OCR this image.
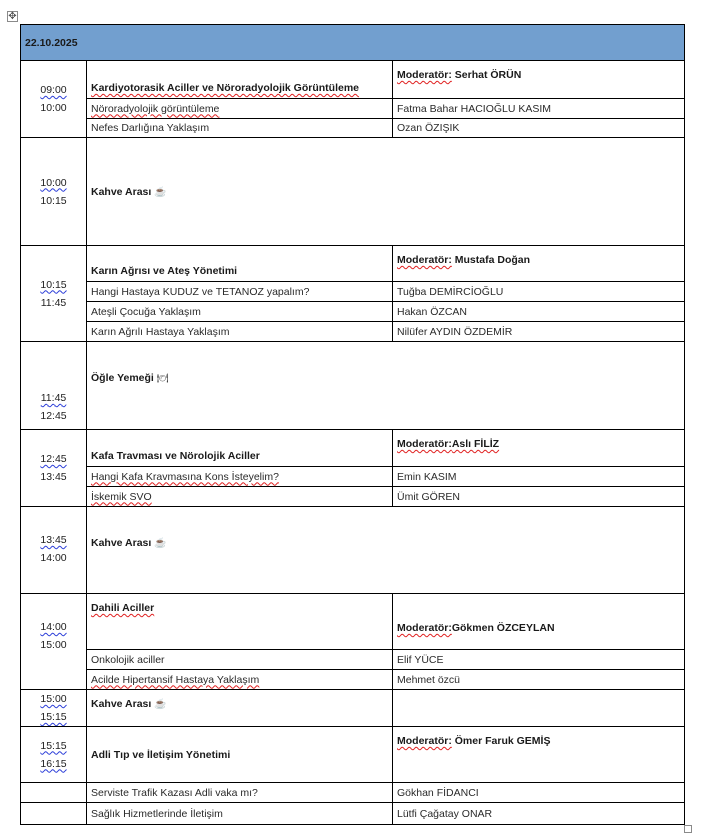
✥
22.10.2025		

09:00
10:00	Kardiyotorasik Aciller ve Nöroradyolojik Görüntüleme	Moderatör: Serhat ÖRÜN
	Nöroradyolojik görüntüleme	Fatma Bahar HACIOĞLU KASIM
	Nefes Darlığına Yaklaşım	Ozan ÖZIŞIK

10:00
10:15	Kahve Arası ☕	

10:15
11:45	Karın Ağrısı ve Ateş Yönetimi	Moderatör: Mustafa Doğan
	Hangi Hastaya KUDUZ ve TETANOZ yapalım?	Tuğba DEMİRCİOĞLU
	Ateşli Çocuğa Yaklaşım	Hakan ÖZCAN
	Karın Ağrılı Hastaya Yaklaşım	Nilüfer AYDIN ÖZDEMİR

11:45
12:45	Öğle Yemeği 🍽	

12:45
13:45	Kafa Travması ve Nörolojik Aciller	Moderatör:Aslı FİLİZ
	Hangi Kafa Kravmasına Kons İsteyelim?	Emin KASIM
	İskemik SVO	Ümit GÖREN

13:45
14:00	Kahve Arası ☕	

14:00
15:00	Dahili Aciller	Moderatör:Gökmen ÖZCEYLAN
	Onkolojik aciller	Elif YÜCE
	Acilde Hipertansif Hastaya Yaklaşım	Mehmet özcü

15:00
15:15	Kahve Arası ☕	

15:15
16:15	Adli Tıp ve İletişim Yönetimi	Moderatör: Ömer Faruk GEMİŞ
	Serviste Trafik Kazası Adli vaka mı?	Gökhan FİDANCI
	Sağlık Hizmetlerinde İletişim	Lütfi Çağatay ONAR
